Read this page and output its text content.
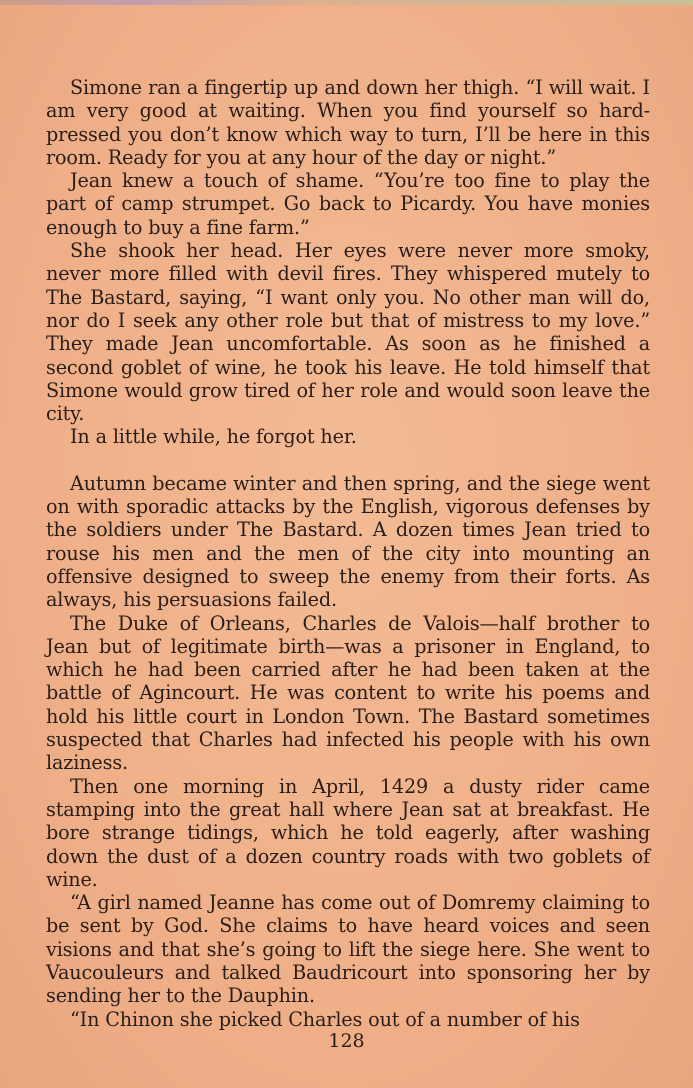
Simone ran a fingertip up and down her thigh. “I will wait. I am very good at waiting. When you find yourself so hard-pressed you don’t know which way to turn, I’ll be here in this room. Ready for you at any hour of the day or night.”

Jean knew a touch of shame. “You’re too fine to play the part of camp strumpet. Go back to Picardy. You have monies enough to buy a fine farm.”

She shook her head. Her eyes were never more smoky, never more filled with devil fires. They whispered mutely to The Bastard, saying, “I want only you. No other man will do, nor do I seek any other role but that of mistress to my love.” They made Jean uncomfortable. As soon as he finished a second goblet of wine, he took his leave. He told himself that Simone would grow tired of her role and would soon leave the city.

In a little while, he forgot her.

Autumn became winter and then spring, and the siege went on with sporadic attacks by the English, vigorous defenses by the soldiers under The Bastard. A dozen times Jean tried to rouse his men and the men of the city into mounting an offensive designed to sweep the enemy from their forts. As always, his persuasions failed.

The Duke of Orleans, Charles de Valois—half brother to Jean but of legitimate birth—was a prisoner in England, to which he had been carried after he had been taken at the battle of Agincourt. He was content to write his poems and hold his little court in London Town. The Bastard sometimes suspected that Charles had infected his people with his own laziness.

Then one morning in April, 1429 a dusty rider came stamping into the great hall where Jean sat at breakfast. He bore strange tidings, which he told eagerly, after washing down the dust of a dozen country roads with two goblets of wine.

“A girl named Jeanne has come out of Domremy claiming to be sent by God. She claims to have heard voices and seen visions and that she’s going to lift the siege here. She went to Vaucouleurs and talked Baudricourt into sponsoring her by sending her to the Dauphin.

“In Chinon she picked Charles out of a number of his

128
